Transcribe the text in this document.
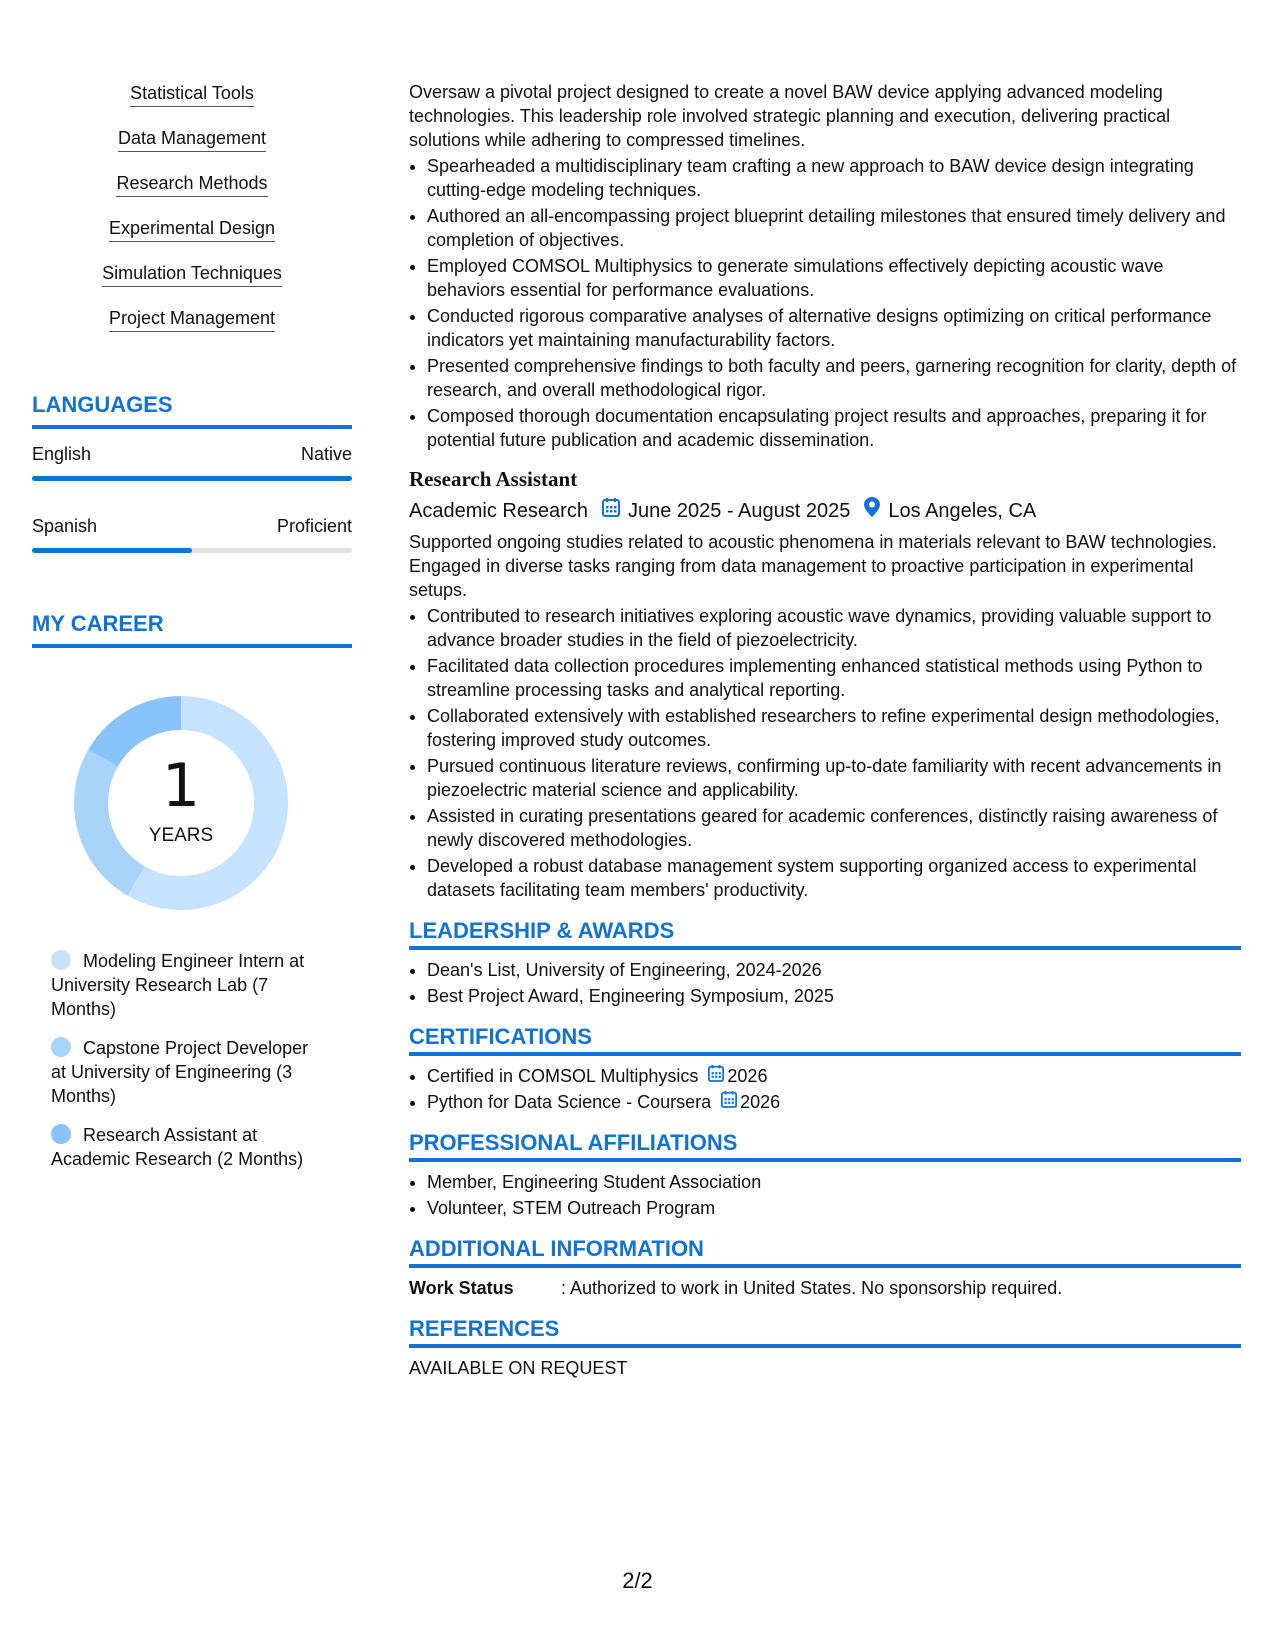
Statistical Tools
Data Management
Research Methods
Experimental Design
Simulation Techniques
Project Management
LANGUAGES
English	Native
Spanish	Proficient
MY CAREER
1
YEARS
Modeling Engineer Intern at University Research Lab (7 Months)
Capstone Project Developer at University of Engineering (3 Months)
Research Assistant at Academic Research (2 Months)

Oversaw a pivotal project designed to create a novel BAW device applying advanced modeling technologies. This leadership role involved strategic planning and execution, delivering practical solutions while adhering to compressed timelines.

• Spearheaded a multidisciplinary team crafting a new approach to BAW device design integrating cutting-edge modeling techniques.
• Authored an all-encompassing project blueprint detailing milestones that ensured timely delivery and completion of objectives.
• Employed COMSOL Multiphysics to generate simulations effectively depicting acoustic wave behaviors essential for performance evaluations.
• Conducted rigorous comparative analyses of alternative designs optimizing on critical performance indicators yet maintaining manufacturability factors.
• Presented comprehensive findings to both faculty and peers, garnering recognition for clarity, depth of research, and overall methodological rigor.
• Composed thorough documentation encapsulating project results and approaches, preparing it for potential future publication and academic dissemination.
Research Assistant
Academic Research June 2025 - August 2025 Los Angeles, CA

Supported ongoing studies related to acoustic phenomena in materials relevant to BAW technologies. Engaged in diverse tasks ranging from data management to proactive participation in experimental setups.

• Contributed to research initiatives exploring acoustic wave dynamics, providing valuable support to advance broader studies in the field of piezoelectricity.
• Facilitated data collection procedures implementing enhanced statistical methods using Python to streamline processing tasks and analytical reporting.
• Collaborated extensively with established researchers to refine experimental design methodologies, fostering improved study outcomes.
• Pursued continuous literature reviews, confirming up-to-date familiarity with recent advancements in piezoelectric material science and applicability.
• Assisted in curating presentations geared for academic conferences, distinctly raising awareness of newly discovered methodologies.
• Developed a robust database management system supporting organized access to experimental datasets facilitating team members' productivity.
LEADERSHIP & AWARDS
• Dean's List, University of Engineering, 2024-2026
• Best Project Award, Engineering Symposium, 2025
CERTIFICATIONS
• Certified in COMSOL Multiphysics 2026
• Python for Data Science - Coursera 2026
PROFESSIONAL AFFILIATIONS
• Member, Engineering Student Association
• Volunteer, STEM Outreach Program
ADDITIONAL INFORMATION
Work Status	: Authorized to work in United States. No sponsorship required.
REFERENCES
AVAILABLE ON REQUEST
2/2
